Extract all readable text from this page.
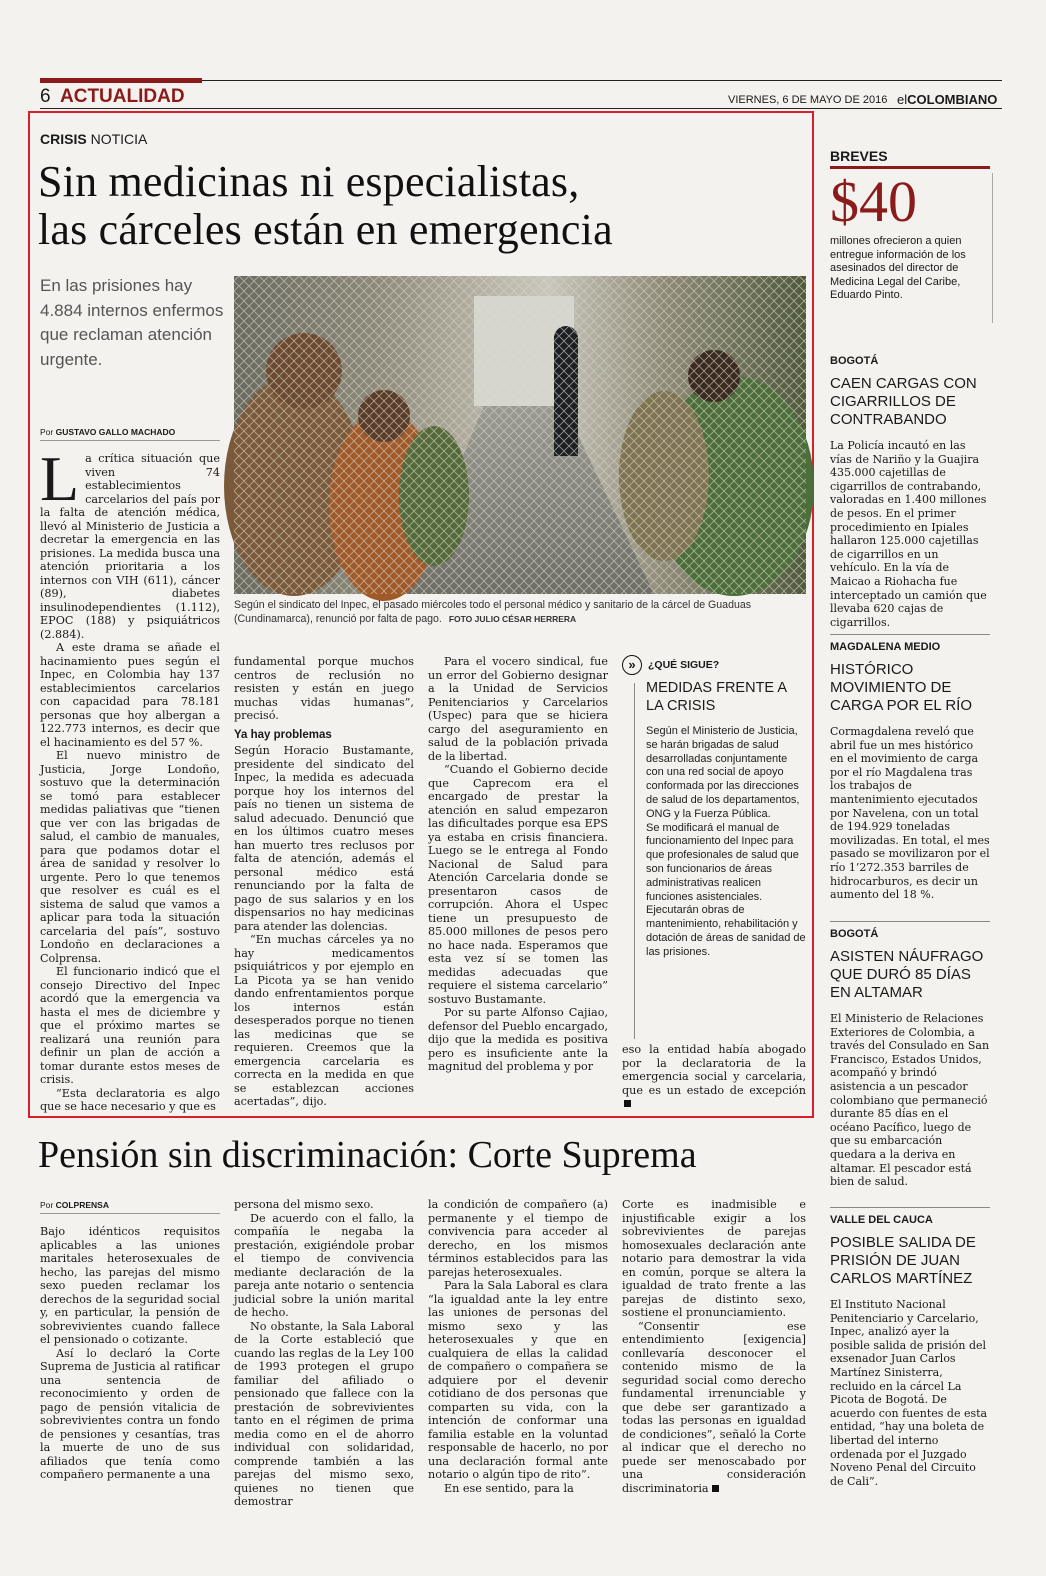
6 ACTUALIDAD	VIERNES, 6 DE MAYO DE 2016 elCOLOMBIANO
CRISIS NOTICIA
Sin medicinas ni especialistas,
las cárceles están en emergencia
En las prisiones hay 4.884 internos enfermos que reclaman atención urgente.
Por GUSTAVO GALLO MACHADO
Según el sindicato del Inpec, el pasado miércoles todo el personal médico y sanitario de la cárcel de Guaduas (Cundinamarca), renunció por falta de pago. FOTO JULIO CÉSAR HERRERA

La crítica situación que viven 74 establecimientos carcelarios del país por la falta de atención médica, llevó al Ministerio de Justicia a decretar la emergencia en las prisiones. La medida busca una atención prioritaria a los internos con VIH (611), cáncer (89), diabetes insulinodependientes (1.112), EPOC (188) y psiquiátricos (2.884).

A este drama se añade el hacinamiento pues según el Inpec, en Colombia hay 137 establecimientos carcelarios con capacidad para 78.181 personas que hoy albergan a 122.773 internos, es decir que el hacinamiento es del 57 %.

El nuevo ministro de Justicia, Jorge Londoño, sostuvo que la determinación se tomó para establecer medidas paliativas que “tienen que ver con las brigadas de salud, el cambio de manuales, para que podamos dotar el área de sanidad y resolver lo urgente. Pero lo que tenemos que resolver es cuál es el sistema de salud que vamos a aplicar para toda la situación carcelaria del país”, sostuvo Londoño en declaraciones a Colprensa.

El funcionario indicó que el consejo Directivo del Inpec acordó que la emergencia va hasta el mes de diciembre y que el próximo martes se realizará una reunión para definir un plan de acción a tomar durante estos meses de crisis.

“Esta declaratoria es algo que se hace necesario y que es

fundamental porque muchos centros de reclusión no resisten y están en juego muchas vidas humanas”, precisó.

Ya hay problemas

Según Horacio Bustamante, presidente del sindicato del Inpec, la medida es adecuada porque hoy los internos del país no tienen un sistema de salud adecuado. Denunció que en los últimos cuatro meses han muerto tres reclusos por falta de atención, además el personal médico está renunciando por la falta de pago de sus salarios y en los dispensarios no hay medicinas para atender las dolencias.

“En muchas cárceles ya no hay medicamentos psiquiátricos y por ejemplo en La Picota ya se han venido dando enfrentamientos porque los internos están desesperados porque no tienen las medicinas que se requieren. Creemos que la emergencia carcelaria es correcta en la medida en que se establezcan acciones acertadas”, dijo.

Para el vocero sindical, fue un error del Gobierno designar a la Unidad de Servicios Penitenciarios y Carcelarios (Uspec) para que se hiciera cargo del aseguramiento en salud de la población privada de la libertad.

“Cuando el Gobierno decide que Caprecom era el encargado de prestar la atención en salud empezaron las dificultades porque esa EPS ya estaba en crisis financiera. Luego se le entrega al Fondo Nacional de Salud para Atención Carcelaria donde se presentaron casos de corrupción. Ahora el Uspec tiene un presupuesto de 85.000 millones de pesos pero no hace nada. Esperamos que esta vez sí se tomen las medidas adecuadas que requiere el sistema carcelario” sostuvo Bustamante.

Por su parte Alfonso Cajiao, defensor del Pueblo encargado, dijo que la medida es positiva pero es insuficiente ante la magnitud del problema y por

»	¿QUÉ SIGUE?
MEDIDAS FRENTE A LA CRISIS
Según el Ministerio de Justicia, se harán brigadas de salud desarrolladas conjuntamente con una red social de apoyo conformada por las direcciones de salud de los departamentos, ONG y la Fuerza Pública.
Se modificará el manual de funcionamiento del Inpec para que profesionales de salud que son funcionarios de áreas administrativas realicen funciones asistenciales.
Ejecutarán obras de mantenimiento, rehabilitación y dotación de áreas de sanidad de las prisiones.

eso la entidad había abogado por la declaratoria de la emergencia social y carcelaria, que es un estado de excepción

BREVES
$40
millones ofrecieron a quien entregue información de los asesinados del director de Medicina Legal del Caribe, Eduardo Pinto.
BOGOTÁ
CAEN CARGAS CON CIGARRILLOS DE CONTRABANDO
La Policía incautó en las vías de Nariño y la Guajira 435.000 cajetillas de cigarrillos de contrabando, valoradas en 1.400 millones de pesos. En el primer procedimiento en Ipiales hallaron 125.000 cajetillas de cigarrillos en un vehículo. En la vía de Maicao a Riohacha fue interceptado un camión que llevaba 620 cajas de cigarrillos.
MAGDALENA MEDIO
HISTÓRICO MOVIMIENTO DE CARGA POR EL RÍO
Cormagdalena reveló que abril fue un mes histórico en el movimiento de carga por el río Magdalena tras los trabajos de mantenimiento ejecutados por Navelena, con un total de 194.929 toneladas movilizadas. En total, el mes pasado se movilizaron por el río 1’272.353 barriles de hidrocarburos, es decir un aumento del 18 %.
BOGOTÁ
ASISTEN NÁUFRAGO QUE DURÓ 85 DÍAS EN ALTAMAR
El Ministerio de Relaciones Exteriores de Colombia, a través del Consulado en San Francisco, Estados Unidos, acompañó y brindó asistencia a un pescador colombiano que permaneció durante 85 días en el océano Pacífico, luego de que su embarcación quedara a la deriva en altamar. El pescador está bien de salud.
VALLE DEL CAUCA
POSIBLE SALIDA DE PRISIÓN DE JUAN CARLOS MARTÍNEZ
El Instituto Nacional Penitenciario y Carcelario, Inpec, analizó ayer la posible salida de prisión del exsenador Juan Carlos Martínez Sinisterra, recluido en la cárcel La Picota de Bogotá. De acuerdo con fuentes de esta entidad, “hay una boleta de libertad del interno ordenada por el Juzgado Noveno Penal del Circuito de Cali”.
Pensión sin discriminación: Corte Suprema
Por COLPRENSA

Bajo idénticos requisitos aplicables a las uniones maritales heterosexuales de hecho, las parejas del mismo sexo pueden reclamar los derechos de la seguridad social y, en particular, la pensión de sobrevivientes cuando fallece el pensionado o cotizante.

Así lo declaró la Corte Suprema de Justicia al ratificar una sentencia de reconocimiento y orden de pago de pensión vitalicia de sobrevivientes contra un fondo de pensiones y cesantías, tras la muerte de uno de sus afiliados que tenía como compañero permanente a una

persona del mismo sexo.

De acuerdo con el fallo, la compañía le negaba la prestación, exigiéndole probar el tiempo de convivencia mediante declaración de la pareja ante notario o sentencia judicial sobre la unión marital de hecho.

No obstante, la Sala Laboral de la Corte estableció que cuando las reglas de la Ley 100 de 1993 protegen el grupo familiar del afiliado o pensionado que fallece con la prestación de sobrevivientes tanto en el régimen de prima media como en el de ahorro individual con solidaridad, comprende también a las parejas del mismo sexo, quienes no tienen que demostrar

la condición de compañero (a) permanente y el tiempo de convivencia para acceder al derecho, en los mismos términos establecidos para las parejas heterosexuales.

Para la Sala Laboral es clara “la igualdad ante la ley entre las uniones de personas del mismo sexo y las heterosexuales y que en cualquiera de ellas la calidad de compañero o compañera se adquiere por el devenir cotidiano de dos personas que comparten su vida, con la intención de conformar una familia estable en la voluntad responsable de hacerlo, no por una declaración formal ante notario o algún tipo de rito”.

En ese sentido, para la

Corte es inadmisible e injustificable exigir a los sobrevivientes de parejas homosexuales declaración ante notario para demostrar la vida en común, porque se altera la igualdad de trato frente a las parejas de distinto sexo, sostiene el pronunciamiento.

“Consentir ese entendimiento [exigencia] conllevaría desconocer el contenido mismo de la seguridad social como derecho fundamental irrenunciable y que debe ser garantizado a todas las personas en igualdad de condiciones”, señaló la Corte al indicar que el derecho no puede ser menoscabado por una consideración discriminatoria
